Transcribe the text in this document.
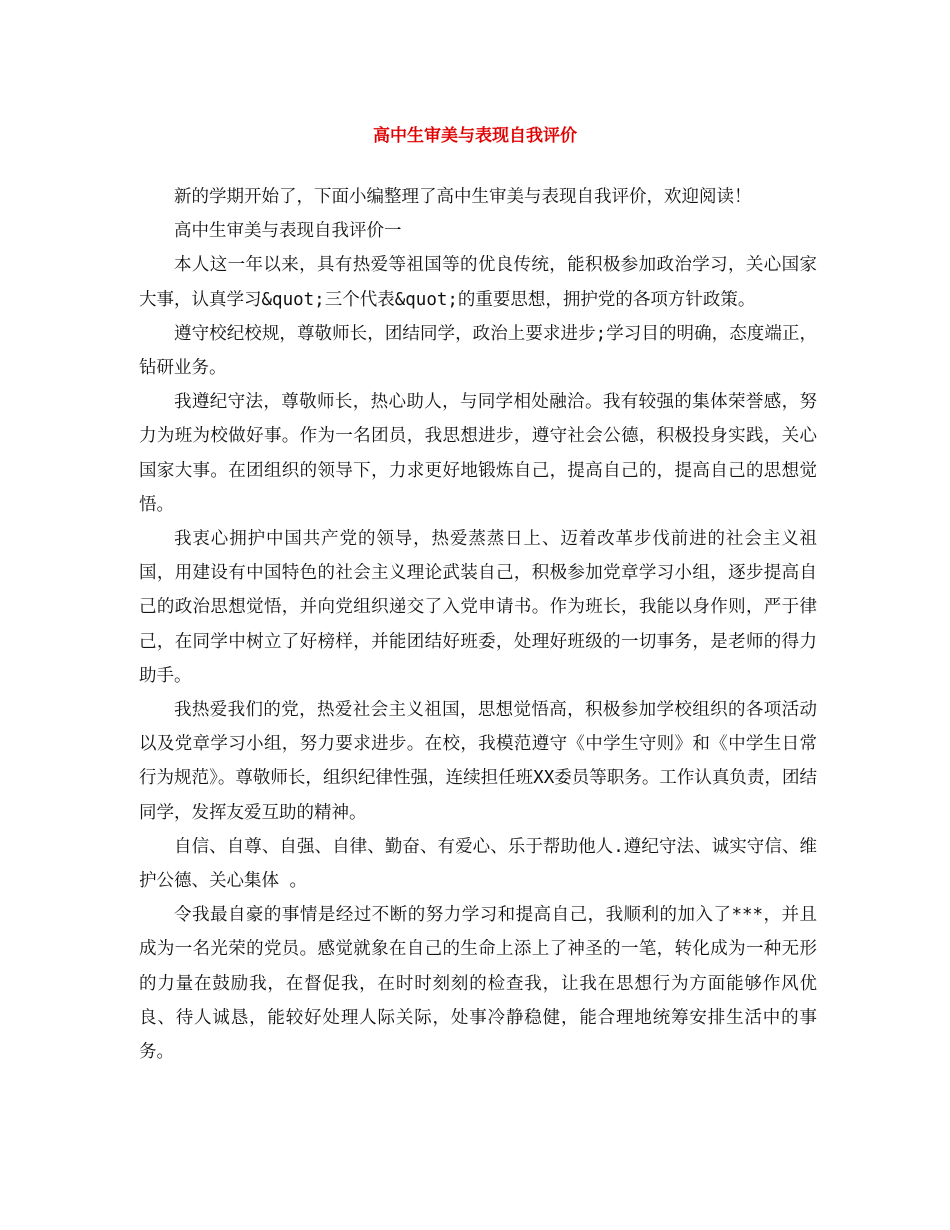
高中生审美与表现自我评价

新的学期开始了，下面小编整理了高中生审美与表现自我评价，欢迎阅读！

高中生审美与表现自我评价一

本人这一年以来，具有热爱等祖国等的优良传统，能积极参加政治学习，关心国家大事，认真学习&quot;三个代表&quot;的重要思想，拥护党的各项方针政策。

遵守校纪校规，尊敬师长，团结同学，政治上要求进步;学习目的明确，态度端正，钻研业务。

我遵纪守法，尊敬师长，热心助人，与同学相处融洽。我有较强的集体荣誉感，努力为班为校做好事。作为一名团员，我思想进步，遵守社会公德，积极投身实践，关心国家大事。在团组织的领导下，力求更好地锻炼自己，提高自己的，提高自己的思想觉悟。

我衷心拥护中国共产党的领导，热爱蒸蒸日上、迈着改革步伐前进的社会主义祖国，用建设有中国特色的社会主义理论武装自己，积极参加党章学习小组，逐步提高自己的政治思想觉悟，并向党组织递交了入党申请书。作为班长，我能以身作则，严于律己，在同学中树立了好榜样，并能团结好班委，处理好班级的一切事务，是老师的得力助手。

我热爱我们的党，热爱社会主义祖国，思想觉悟高，积极参加学校组织的各项活动以及党章学习小组，努力要求进步。在校，我模范遵守《中学生守则》和《中学生日常行为规范》。尊敬师长，组织纪律性强，连续担任班XX委员等职务。工作认真负责，团结同学，发挥友爱互助的精神。

自信、自尊、自强、自律、勤奋、有爱心、乐于帮助他人.遵纪守法、诚实守信、维护公德、关心集体 。

令我最自豪的事情是经过不断的努力学习和提高自己，我顺利的加入了***，并且成为一名光荣的党员。感觉就象在自己的生命上添上了神圣的一笔，转化成为一种无形的力量在鼓励我，在督促我，在时时刻刻的检查我，让我在思想行为方面能够作风优良、待人诚恳，能较好处理人际关际，处事冷静稳健，能合理地统筹安排生活中的事务。
